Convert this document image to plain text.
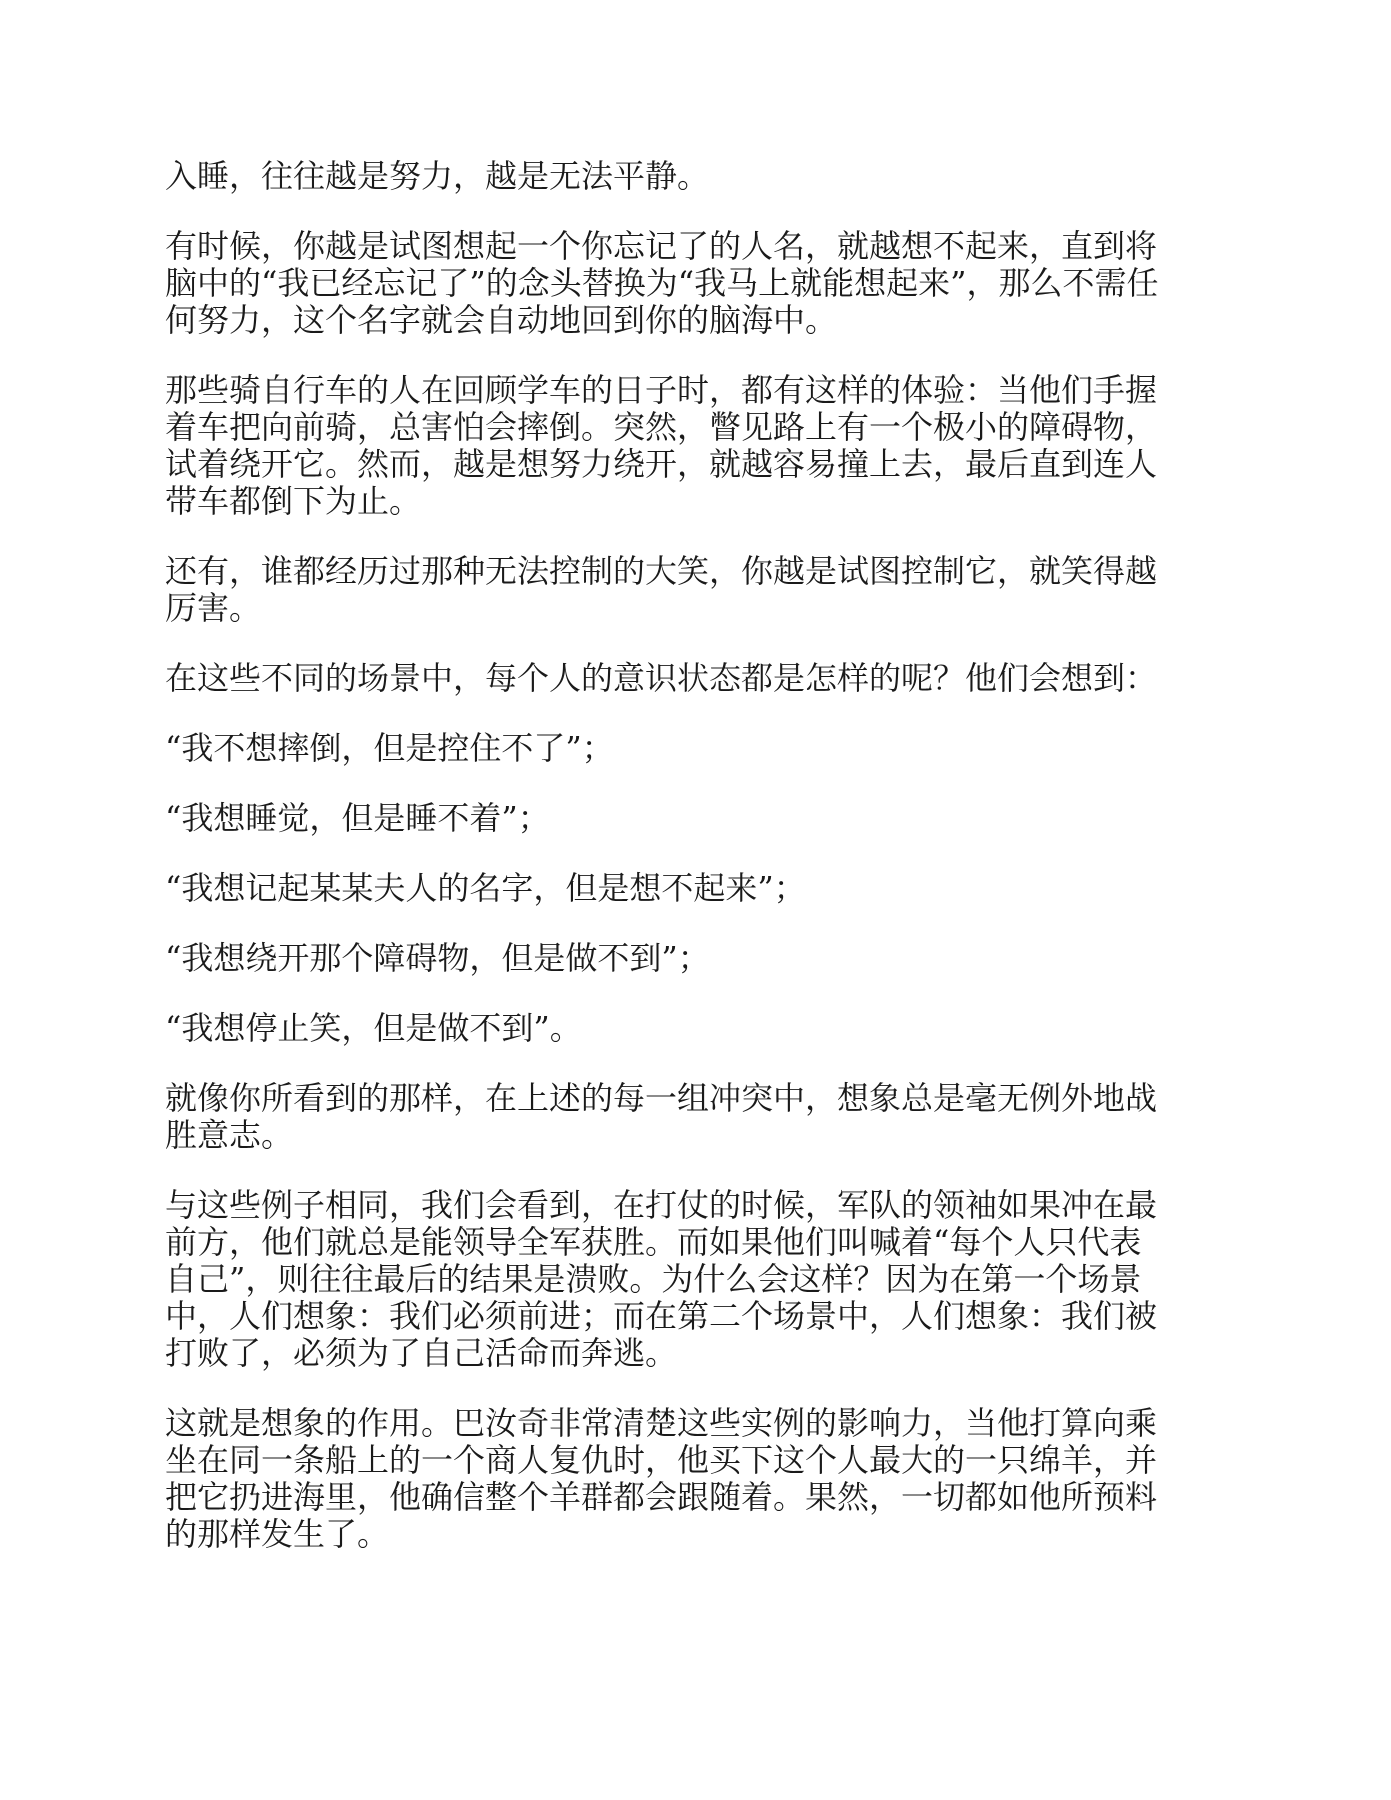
入睡，往往越是努力，越是无法平静。

有时候，你越是试图想起一个你忘记了的人名，就越想不起来，直到将
脑中的“我已经忘记了”的念头替换为“我马上就能想起来”，那么不需任
何努力，这个名字就会自动地回到你的脑海中。

那些骑自行车的人在回顾学车的日子时，都有这样的体验：当他们手握
着车把向前骑，总害怕会摔倒。突然，瞥见路上有一个极小的障碍物，
试着绕开它。然而，越是想努力绕开，就越容易撞上去，最后直到连人
带车都倒下为止。

还有，谁都经历过那种无法控制的大笑，你越是试图控制它，就笑得越
厉害。

在这些不同的场景中，每个人的意识状态都是怎样的呢？他们会想到：

“我不想摔倒，但是控住不了”；

“我想睡觉，但是睡不着”；

“我想记起某某夫人的名字，但是想不起来”；

“我想绕开那个障碍物，但是做不到”；

“我想停止笑，但是做不到”。

就像你所看到的那样，在上述的每一组冲突中，想象总是毫无例外地战
胜意志。

与这些例子相同，我们会看到，在打仗的时候，军队的领袖如果冲在最
前方，他们就总是能领导全军获胜。而如果他们叫喊着“每个人只代表
自己”，则往往最后的结果是溃败。为什么会这样？因为在第一个场景
中，人们想象：我们必须前进；而在第二个场景中，人们想象：我们被
打败了，必须为了自己活命而奔逃。

这就是想象的作用。巴汝奇非常清楚这些实例的影响力，当他打算向乘
坐在同一条船上的一个商人复仇时，他买下这个人最大的一只绵羊，并
把它扔进海里，他确信整个羊群都会跟随着。果然，一切都如他所预料
的那样发生了。
